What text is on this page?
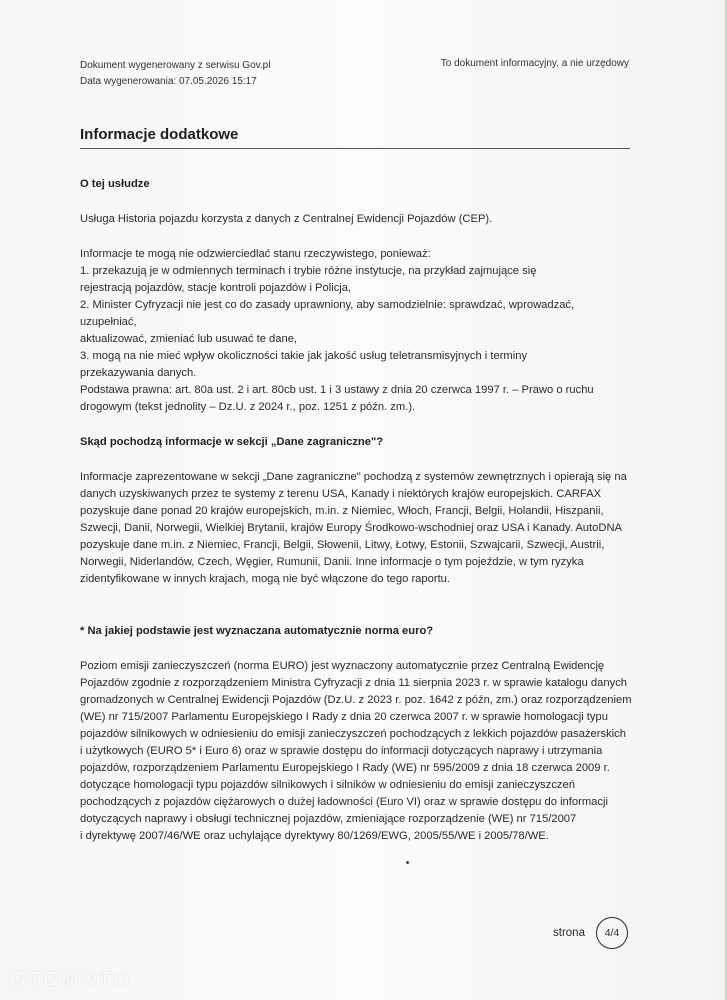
Dokument wygenerowany z serwisu Gov.pl
Data wygenerowania: 07.05.2026 15:17
To dokument informacyjny, a nie urzędowy
Informacje dodatkowe

O tej usłudze

Usługa Historia pojazdu korzysta z danych z Centralnej Ewidencji Pojazdów (CEP).

Informacje te mogą nie odzwierciedlać stanu rzeczywistego, ponieważ:

1. przekazują je w odmiennych terminach i trybie różne instytucje, na przykład zajmujące się

rejestracją pojazdów, stacje kontroli pojazdów i Policja,

2. Minister Cyfryzacji nie jest co do zasady uprawniony, aby samodzielnie: sprawdzać, wprowadzać, uzupełniać,

aktualizować, zmieniać lub usuwać te dane,

3. mogą na nie mieć wpływ okoliczności takie jak jakość usług teletransmisyjnych i terminy

przekazywania danych.

Podstawa prawna: art. 80a ust. 2 i art. 80cb ust. 1 i 3 ustawy z dnia 20 czerwca 1997 r. – Prawo o ruchu

drogowym (tekst jednolity – Dz.U. z 2024 r., poz. 1251 z późn. zm.).

Skąd pochodzą informacje w sekcji „Dane zagraniczne"?

Informacje zaprezentowane w sekcji „Dane zagraniczne" pochodzą z systemów zewnętrznych i opierają się na

danych uzyskiwanych przez te systemy z terenu USA, Kanady i niektórych krajów europejskich. CARFAX

pozyskuje dane ponad 20 krajów europejskich, m.in. z Niemiec, Włoch, Francji, Belgii, Holandii, Hiszpanii,

Szwecji, Danii, Norwegii, Wielkiej Brytanii, krajów Europy Środkowo-wschodniej oraz USA i Kanady. AutoDNA

pozyskuje dane m.in. z Niemiec, Francji, Belgii, Słowenii, Litwy, Łotwy, Estonii, Szwajcarii, Szwecji, Austrii,

Norwegii, Niderlandów, Czech, Węgier, Rumunii, Danii. Inne informacje o tym pojeździe, w tym ryzyka

zidentyfikowane w innych krajach, mogą nie być włączone do tego raportu.

* Na jakiej podstawie jest wyznaczana automatycznie norma euro?

Poziom emisji zanieczyszczeń (norma EURO) jest wyznaczony automatycznie przez Centralną Ewidencję

Pojazdów zgodnie z rozporządzeniem Ministra Cyfryzacji z dnia 11 sierpnia 2023 r. w sprawie katalogu danych

gromadzonych w Centralnej Ewidencji Pojazdów (Dz.U. z 2023 r. poz. 1642 z późn, zm.) oraz rozporządzeniem

(WE) nr 715/2007 Parlamentu Europejskiego I Rady z dnia 20 czerwca 2007 r. w sprawie homologacji typu

pojazdów silnikowych w odniesieniu do emisji zanieczyszczeń pochodzących z lekkich pojazdów pasażerskich

i użytkowych (EURO 5* i Euro 6) oraz w sprawie dostępu do informacji dotyczących naprawy i utrzymania

pojazdów, rozporządzeniem Parlamentu Europejskiego I Rady (WE) nr 595/2009 z dnia 18 czerwca 2009 r.

dotyczące homologacji typu pojazdów silnikowych i silników w odniesieniu do emisji zanieczyszczeń

pochodzących z pojazdów ciężarowych o dużej ładowności (Euro VI) oraz w sprawie dostępu do informacji

dotyczących naprawy i obsługi technicznej pojazdów, zmieniające rozporządzenie (WE) nr 715/2007

i dyrektywę 2007/46/WE oraz uchylające dyrektywy 80/1269/EWG, 2005/55/WE i 2005/78/WE.

strona 4/4
OTOMOTO
